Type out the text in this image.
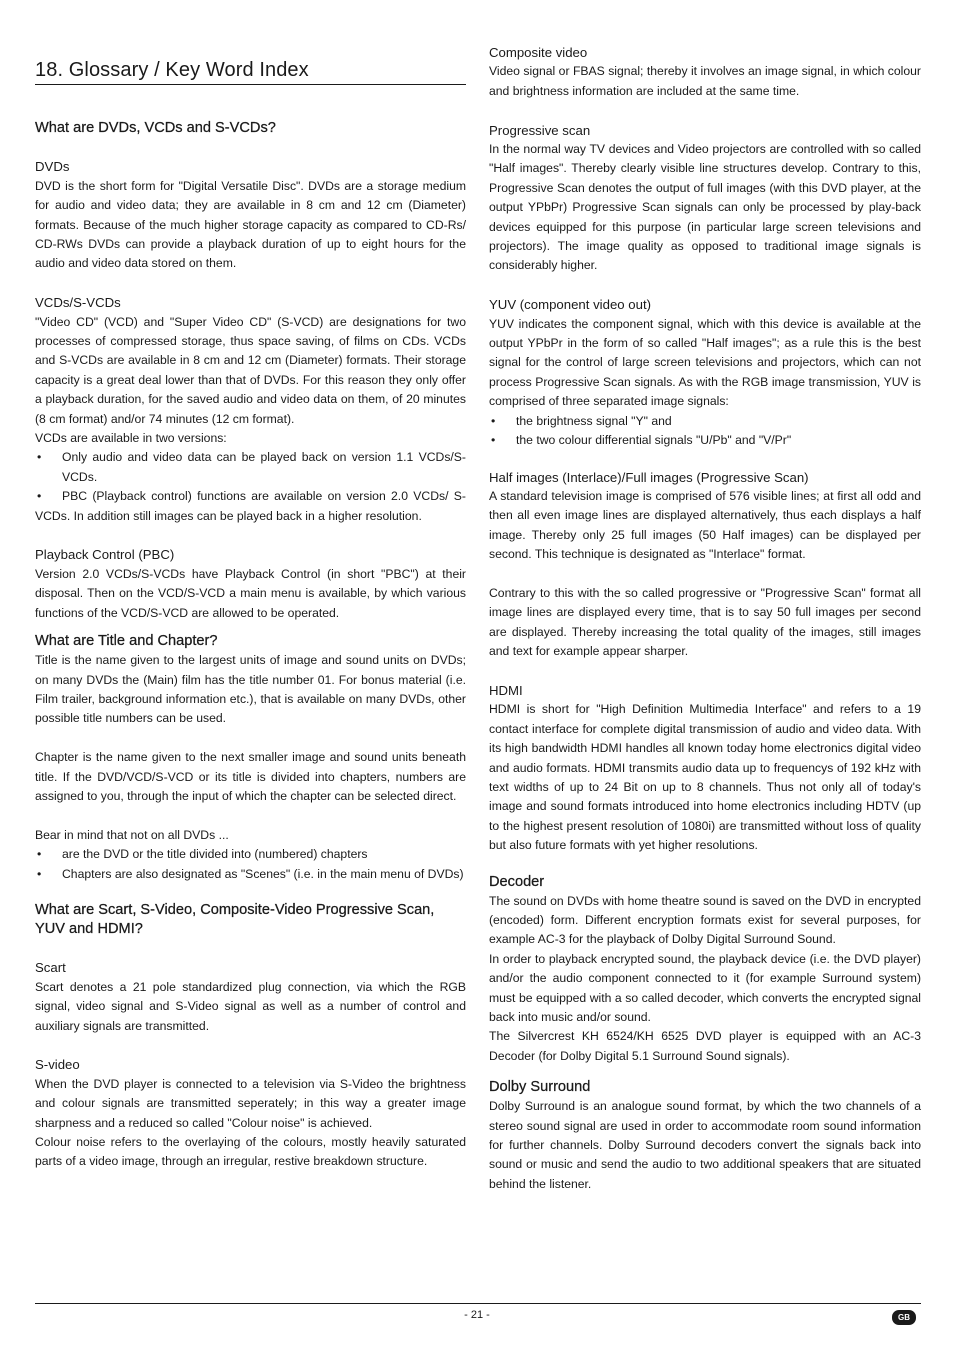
18. Glossary / Key Word Index
What are DVDs, VCDs and S-VCDs?
DVDs

DVD is the short form for "Digital Versatile Disc". DVDs are a storage medium for audio and video data; they are available in 8 cm and 12 cm (Diameter) formats. Because of the much higher storage capacity as compared to CD-Rs/ CD-RWs DVDs can provide a playback duration of up to eight hours for the audio and video data stored on them.

VCDs/S-VCDs

"Video CD" (VCD) and "Super Video CD" (S-VCD) are designations for two processes of compressed storage, thus space saving, of films on CDs. VCDs and S-VCDs are available in 8 cm and 12 cm (Diameter) formats. Their storage capacity is a great deal lower than that of DVDs. For this reason they only offer a playback duration, for the saved audio and video data on them, of 20 minutes (8 cm format) and/or 74 minutes (12 cm format).

VCDs are available in two versions:

• Only audio and video data can be played back on version 1.1 VCDs/S-VCDs.
PBC (Playback control) functions are available on version 2.0 VCDs/ S-VCDs. In addition still images can be played back in a higher resolution.
•
Playback Control (PBC)

Version 2.0 VCDs/S-VCDs have Playback Control (in short "PBC") at their disposal. Then on the VCD/S-VCD a main menu is available, by which various functions of the VCD/S-VCD are allowed to be operated.

What are Title and Chapter?

Title is the name given to the largest units of image and sound units on DVDs; on many DVDs the (Main) film has the title number 01. For bonus material (i.e. Film trailer, background information etc.), that is available on many DVDs, other possible title numbers can be used.

Chapter is the name given to the next smaller image and sound units beneath title. If the DVD/VCD/S-VCD or its title is divided into chapters, numbers are assigned to you, through the input of which the chapter can be selected direct.

Bear in mind that not on all DVDs ...

• are the DVD or the title divided into (numbered) chapters
• Chapters are also designated as "Scenes" (i.e. in the main menu of DVDs)
What are Scart, S-Video, Composite-Video Progressive Scan, YUV and HDMI?
Scart

Scart denotes a 21 pole standardized plug connection, via which the RGB signal, video signal and S-Video signal as well as a number of control and auxiliary signals are transmitted.

S-video

When the DVD player is connected to a television via S-Video the brightness and colour signals are transmitted seperately; in this way a greater image sharpness and a reduced so called "Colour noise" is achieved.

Colour noise refers to the overlaying of the colours, mostly heavily saturated parts of a video image, through an irregular, restive breakdown structure.

Composite video

Video signal or FBAS signal; thereby it involves an image signal, in which colour and brightness information are included at the same time.

Progressive scan

In the normal way TV devices and Video projectors are controlled with so called "Half images". Thereby clearly visible line structures develop. Contrary to this, Progressive Scan denotes the output of full images (with this DVD player, at the output YPbPr) Progressive Scan signals can only be processed by play-back devices equipped for this purpose (in particular large screen televisions and projectors). The image quality as opposed to traditional image signals is considerably higher.

YUV (component video out)

YUV indicates the component signal, which with this device is available at the output YPbPr in the form of so called "Half images"; as a rule this is the best signal for the control of large screen televisions and projectors, which can not process Progressive Scan signals. As with the RGB image transmission, YUV is comprised of three separated image signals:

• the brightness signal "Y" and
• the two colour differential signals "U/Pb" and "V/Pr"
Half images (Interlace)/Full images (Progressive Scan)

A standard television image is comprised of 576 visible lines; at first all odd and then all even image lines are displayed alternatively, thus each displays a half image. Thereby only 25 full images (50 Half images) can be displayed per second. This technique is designated as "Interlace" format.

Contrary to this with the so called progressive or "Progressive Scan" format all image lines are displayed every time, that is to say 50 full images per second are displayed. Thereby increasing the total quality of the images, still images and text for example appear sharper.

HDMI

HDMI is short for "High Definition Multimedia Interface" and refers to a 19 contact interface for complete digital transmission of audio and video data. With its high bandwidth HDMI handles all known today home electronics digital video and audio formats. HDMI transmits audio data up to frequencys of 192 kHz with text widths of up to 24 Bit on up to 8 channels. Thus not only all of today's image and sound formats introduced into home electronics including HDTV (up to the highest present resolution of 1080i) are transmitted without loss of quality but also future formats with yet higher resolutions.

Decoder

The sound on DVDs with home theatre sound is saved on the DVD in encrypted (encoded) form. Different encryption formats exist for several purposes, for example AC-3 for the playback of Dolby Digital Surround Sound.

In order to playback encrypted sound, the playback device (i.e. the DVD player) and/or the audio component connected to it (for example Surround system) must be equipped with a so called decoder, which converts the encrypted signal back into music and/or sound.

The Silvercrest KH 6524/KH 6525 DVD player is equipped with an AC-3 Decoder (for Dolby Digital 5.1 Surround Sound signals).

Dolby Surround

Dolby Surround is an analogue sound format, by which the two channels of a stereo sound signal are used in order to accommodate room sound information for further channels. Dolby Surround decoders convert the signals back into sound or music and send the audio to two additional speakers that are situated behind the listener.

- 21 -	GB
